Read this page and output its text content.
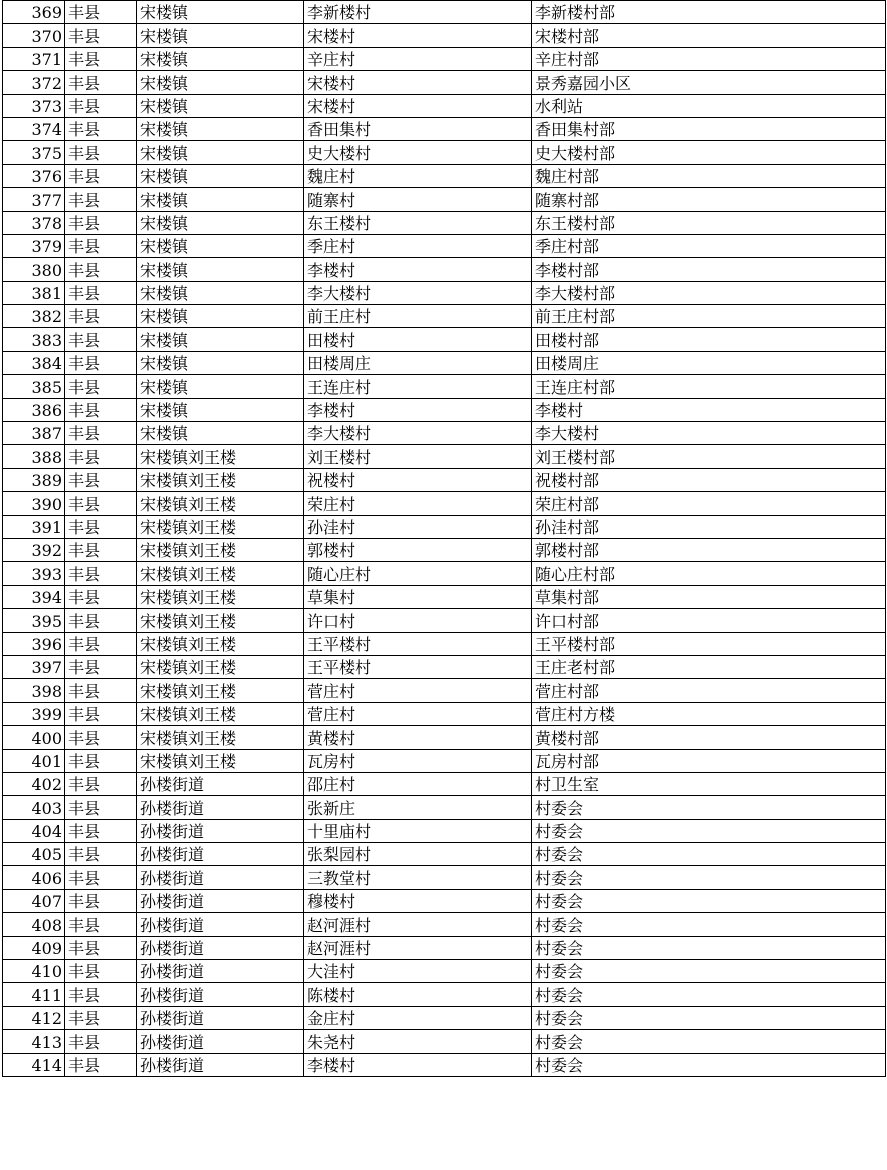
369	丰县	宋楼镇	李新楼村	李新楼村部
370	丰县	宋楼镇	宋楼村	宋楼村部
371	丰县	宋楼镇	辛庄村	辛庄村部
372	丰县	宋楼镇	宋楼村	景秀嘉园小区
373	丰县	宋楼镇	宋楼村	水利站
374	丰县	宋楼镇	香田集村	香田集村部
375	丰县	宋楼镇	史大楼村	史大楼村部
376	丰县	宋楼镇	魏庄村	魏庄村部
377	丰县	宋楼镇	随寨村	随寨村部
378	丰县	宋楼镇	东王楼村	东王楼村部
379	丰县	宋楼镇	季庄村	季庄村部
380	丰县	宋楼镇	李楼村	李楼村部
381	丰县	宋楼镇	李大楼村	李大楼村部
382	丰县	宋楼镇	前王庄村	前王庄村部
383	丰县	宋楼镇	田楼村	田楼村部
384	丰县	宋楼镇	田楼周庄	田楼周庄
385	丰县	宋楼镇	王连庄村	王连庄村部
386	丰县	宋楼镇	李楼村	李楼村
387	丰县	宋楼镇	李大楼村	李大楼村
388	丰县	宋楼镇刘王楼	刘王楼村	刘王楼村部
389	丰县	宋楼镇刘王楼	祝楼村	祝楼村部
390	丰县	宋楼镇刘王楼	荣庄村	荣庄村部
391	丰县	宋楼镇刘王楼	孙洼村	孙洼村部
392	丰县	宋楼镇刘王楼	郭楼村	郭楼村部
393	丰县	宋楼镇刘王楼	随心庄村	随心庄村部
394	丰县	宋楼镇刘王楼	草集村	草集村部
395	丰县	宋楼镇刘王楼	许口村	许口村部
396	丰县	宋楼镇刘王楼	王平楼村	王平楼村部
397	丰县	宋楼镇刘王楼	王平楼村	王庄老村部
398	丰县	宋楼镇刘王楼	菅庄村	菅庄村部
399	丰县	宋楼镇刘王楼	菅庄村	菅庄村方楼
400	丰县	宋楼镇刘王楼	黄楼村	黄楼村部
401	丰县	宋楼镇刘王楼	瓦房村	瓦房村部
402	丰县	孙楼街道	邵庄村	村卫生室
403	丰县	孙楼街道	张新庄	村委会
404	丰县	孙楼街道	十里庙村	村委会
405	丰县	孙楼街道	张梨园村	村委会
406	丰县	孙楼街道	三教堂村	村委会
407	丰县	孙楼街道	穆楼村	村委会
408	丰县	孙楼街道	赵河涯村	村委会
409	丰县	孙楼街道	赵河涯村	村委会
410	丰县	孙楼街道	大洼村	村委会
411	丰县	孙楼街道	陈楼村	村委会
412	丰县	孙楼街道	金庄村	村委会
413	丰县	孙楼街道	朱尧村	村委会
414	丰县	孙楼街道	李楼村	村委会
